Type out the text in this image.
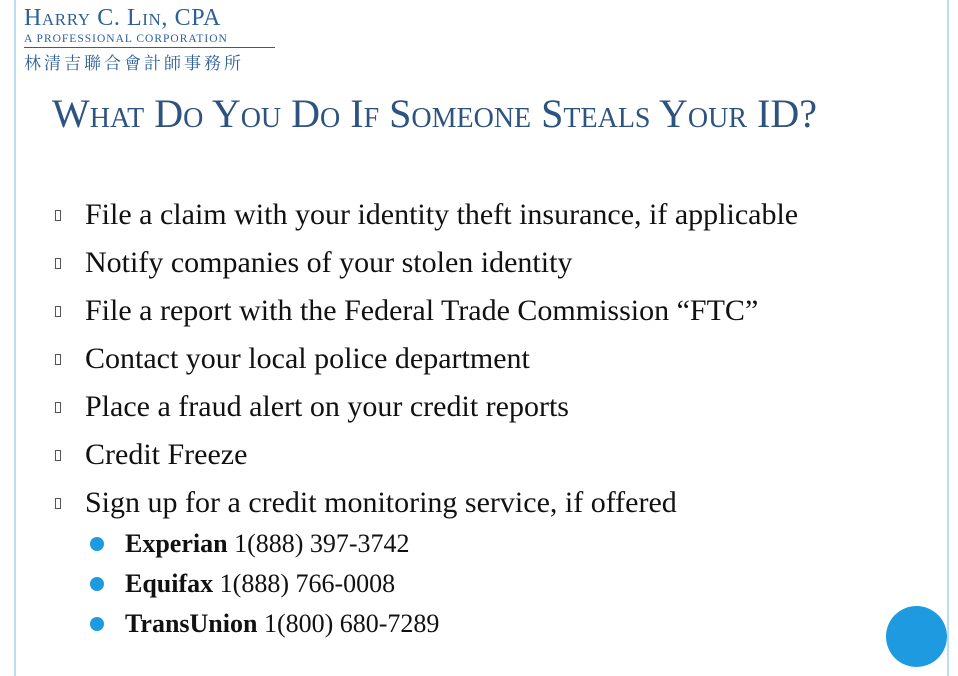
Harry C. Lin, CPA
A PROFESSIONAL CORPORATION
林清吉聯合會計師事務所
What Do You Do If Someone Steals Your ID?
File a claim with your identity theft insurance, if applicable
Notify companies of your stolen identity
File a report with the Federal Trade Commission “FTC”
Contact your local police department
Place a fraud alert on your credit reports
Credit Freeze
Sign up for a credit monitoring service, if offered
Experian 1(888) 397-3742
Equifax 1(888) 766-0008
TransUnion 1(800) 680-7289
